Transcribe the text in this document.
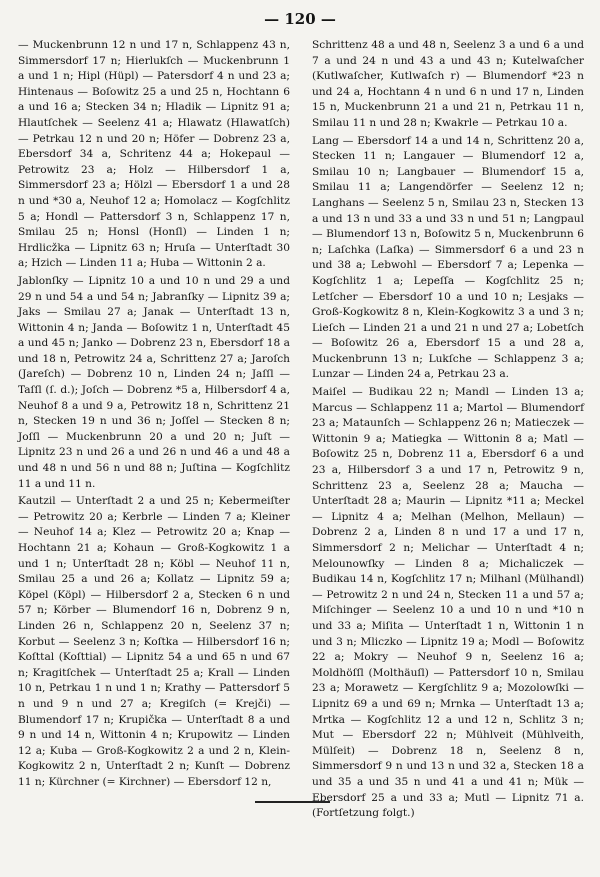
— 120 —

— Muckenbrunn 12 n und 17 n, Schlappenz 43 n, Simmersdorf 17 n; Hierlukſch — Muckenbrunn 1 a und 1 n; Hipl (Hüpl) — Patersdorf 4 n und 23 a; Hintenaus — Boſowitz 25 a und 25 n, Hochtann 6 a und 16 a; Stecken 34 n; Hladik — Lipnitz 91 a; Hlautſchek — Seelenz 41 a; Hlawatz (Hlawatſch) — Petrkau 12 n und 20 n; Höfer — Dobrenz 23 a, Ebersdorf 34 a, Schritenz 44 a; Hokepaul — Petrowitz 23 a; Holz — Hilbersdorf 1 a, Simmersdorf 23 a; Hölzl — Ebersdorf 1 a und 28 n und *30 a, Neuhof 12 a; Homolacz — Kogſchlitz 5 a; Hondl — Pattersdorf 3 n, Schlappenz 17 n, Smilau 25 n; Honsl (Honſl) — Linden 1 n; Hrdlicžka — Lipnitz 63 n; Hruſa — Unterſtadt 30 a; Hzich — Linden 11 a; Huba — Wittonin 2 a.

Jablonſky — Lipnitz 10 a und 10 n und 29 a und 29 n und 54 a und 54 n; Jabranſky — Lipnitz 39 a; Jaks — Smilau 27 a; Janak — Unterſtadt 13 n, Wittonin 4 n; Janda — Boſowitz 1 n, Unterſtadt 45 a und 45 n; Janko — Dobrenz 23 n, Ebersdorf 18 a und 18 n, Petrowitz 24 a, Schrittenz 27 a; Jaroſch (Jareſch) — Dobrenz 10 n, Linden 24 n; Jaſſl — Taſſl (ſ. d.); Joſch — Dobrenz *5 a, Hilbersdorf 4 a, Neuhof 8 a und 9 a, Petrowitz 18 n, Schrittenz 21 n, Stecken 19 n und 36 n; Joſſel — Stecken 8 n; Joſſl — Muckenbrunn 20 a und 20 n; Juſt — Lipnitz 23 n und 26 a und 26 n und 46 a und 48 a und 48 n und 56 n und 88 n; Juſtina — Kogſchlitz 11 a und 11 n.

Kautzil — Unterſtadt 2 a und 25 n; Kebermeiſter — Petrowitz 20 a; Kerbrle — Linden 7 a; Kleiner — Neuhof 14 a; Klez — Petrowitz 20 a; Knap — Hochtann 21 a; Kohaun — Groß-Kogkowitz 1 a und 1 n; Unterſtadt 28 n; Köbl — Neuhof 11 n, Smilau 25 a und 26 a; Kollatz — Lipnitz 59 a; Köpel (Köpl) — Hilbersdorf 2 a, Stecken 6 n und 57 n; Körber — Blumendorf 16 n, Dobrenz 9 n, Linden 26 n, Schlappenz 20 n, Seelenz 37 n; Korbut — Seelenz 3 n; Koſtka — Hilbersdorf 16 n; Koſttal (Koſttial) — Lipnitz 54 a und 65 n und 67 n; Kragitſchek — Unterſtadt 25 a; Krall — Linden 10 n, Petrkau 1 n und 1 n; Krathy — Pattersdorf 5 n und 9 n und 27 a; Kregiſch (= Krejči) — Blumendorf 17 n; Krupička — Unterſtadt 8 a und 9 n und 14 n, Wittonin 4 n; Krupowitz — Linden 12 a; Kuba — Groß-Kogkowitz 2 a und 2 n, Klein-Kogkowitz 2 n, Unterſtadt 2 n; Kunſt — Dobrenz 11 n; Kürchner (= Kirchner) — Ebersdorf 12 n,

Schrittenz 48 a und 48 n, Seelenz 3 a und 6 a und 7 a und 24 n und 43 a und 43 n; Kutelwaſcher (Kutlwaſcher, Kutlwaſch r) — Blumendorf *23 n und 24 a, Hochtann 4 n und 6 n und 17 n, Linden 15 n, Muckenbrunn 21 a und 21 n, Petrkau 11 n, Smilau 11 n und 28 n; Kwakrle — Petrkau 10 a.

Lang — Ebersdorf 14 a und 14 n, Schrittenz 20 a, Stecken 11 n; Langauer — Blumendorf 12 a, Smilau 10 n; Langbauer — Blumendorf 15 a, Smilau 11 a; Langendörfer — Seelenz 12 n; Langhans — Seelenz 5 n, Smilau 23 n, Stecken 13 a und 13 n und 33 a und 33 n und 51 n; Langpaul — Blumendorf 13 n, Boſowitz 5 n, Muckenbrunn 6 n; Laſchka (Laſka) — Simmersdorf 6 a und 23 n und 38 a; Lebwohl — Ebersdorf 7 a; Lepenka — Kogſchlitz 1 a; Lepeſſa — Kogſchlitz 25 n; Letſcher — Ebersdorf 10 a und 10 n; Lesjaks — Groß-Kogkowitz 8 n, Klein-Kogkowitz 3 a und 3 n; Lieſch — Linden 21 a und 21 n und 27 a; Lobetſch — Boſowitz 26 a, Ebersdorf 15 a und 28 a, Muckenbrunn 13 n; Lukſche — Schlappenz 3 a; Lunzar — Linden 24 a, Petrkau 23 a.

Maiſel — Budikau 22 n; Mandl — Linden 13 a; Marcus — Schlappenz 11 a; Martol — Blumendorf 23 a; Mataunſch — Schlappenz 26 n; Matieczek — Wittonin 9 a; Matiegka — Wittonin 8 a; Matl — Boſowitz 25 n, Dobrenz 11 a, Ebersdorf 6 a und 23 a, Hilbersdorf 3 a und 17 n, Petrowitz 9 n, Schrittenz 23 a, Seelenz 28 a; Maucha — Unterſtadt 28 a; Maurin — Lipnitz *11 a; Meckel — Lipnitz 4 a; Melhan (Melhon, Mellaun) — Dobrenz 2 a, Linden 8 n und 17 a und 17 n, Simmersdorf 2 n; Melichar — Unterſtadt 4 n; Melounowſky — Linden 8 a; Michaliczek — Budikau 14 n, Kogſchlitz 17 n; Milhanl (Mülhandl) — Petrowitz 2 n und 24 n, Stecken 11 a und 57 a; Miſchinger — Seelenz 10 a und 10 n und *10 n und 33 a; Miſita — Unterſtadt 1 n, Wittonin 1 n und 3 n; Mliczko — Lipnitz 19 a; Modl — Boſowitz 22 a; Mokry — Neuhof 9 n, Seelenz 16 a; Moldhöſſl (Molthäuſl) — Pattersdorf 10 n, Smilau 23 a; Morawetz — Kergſchlitz 9 a; Mozolowſki — Lipnitz 69 a und 69 n; Mrnka — Unterſtadt 13 a; Mrtka — Kogſchlitz 12 a und 12 n, Schlitz 3 n; Mut — Ebersdorf 22 n; Mühlveit (Mühlveith, Mülſeit) — Dobrenz 18 n, Seelenz 8 n, Simmersdorf 9 n und 13 n und 32 a, Stecken 18 a und 35 a und 35 n und 41 a und 41 n; Mük — Ebersdorf 25 a und 33 a; Mutl — Lipnitz 71 a. (Fortſetzung folgt.)
